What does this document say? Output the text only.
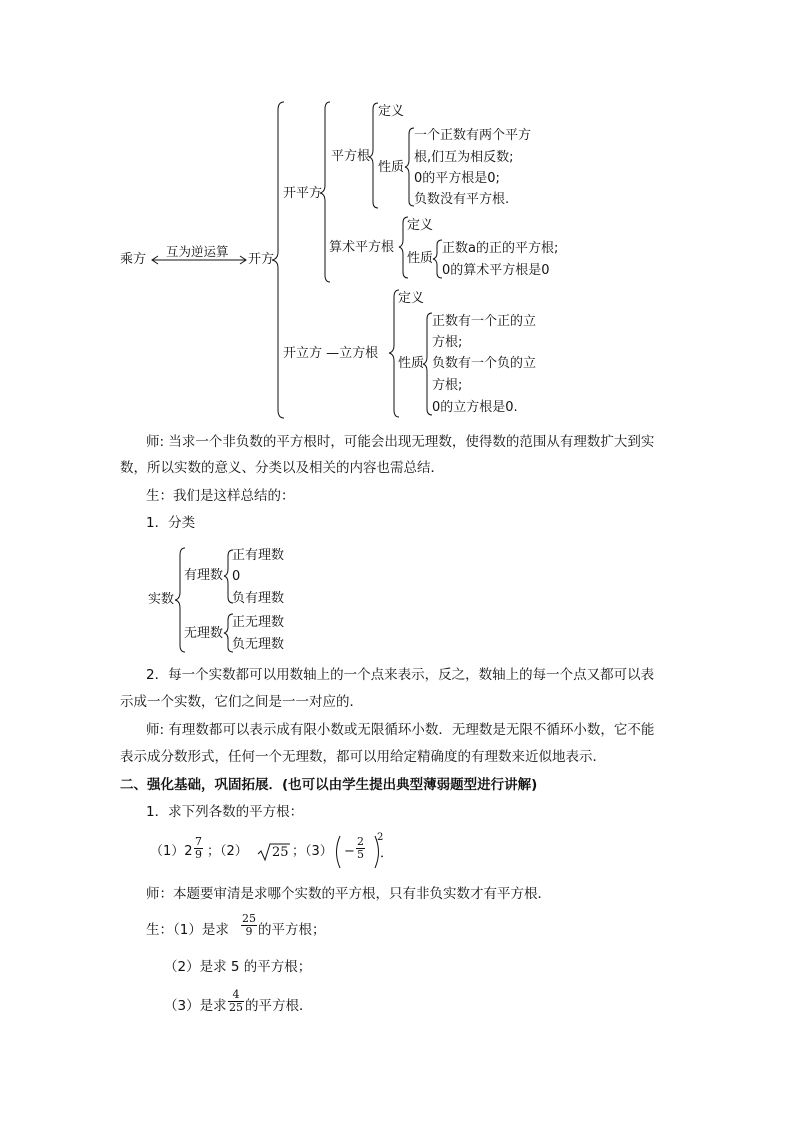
乘方
互为逆运算
开方
开平方
平方根
定义
性质
一个正数有两个平方
根,们互为相反数;
0的平方根是0;
负数没有平方根.
算术平方根
定义
性质
正数a的正的平方根;
0的算术平方根是0
开立方 —立方根
定义
性质
正数有一个正的立
方根;
负数有一个负的立
方根;
0的立方根是0.
师: 当求一个非负数的平方根时，可能会出现无理数，使得数的范围从有理数扩大到实
数，所以实数的意义、分类以及相关的内容也需总结．
生：我们是这样总结的：
1．分类
实数
有理数
正有理数
0
负有理数
无理数
正无理数
负无理数
2．每一个实数都可以用数轴上的一个点来表示，反之，数轴上的每一个点又都可以表
示成一个实数，它们之间是一一对应的．
师: 有理数都可以表示成有限小数或无限循环小数．无理数是无限不循环小数，它不能
表示成分数形式，任何一个无理数，都可以用给定精确度的有理数来近似地表示．
二、强化基础，巩固拓展．(也可以由学生提出典型薄弱题型进行讲解)
1．求下列各数的平方根：
$(1)2 \frac{7}{9}$ ；（2） 25 ；$(3) - \frac{2}{5} 2$
．
师：本题要审清是求哪个实数的平方根，只有非负实数才有平方根．
生：（1）是求 $\frac{25}{9}$ 的平方根；
（2）是求 5 的平方根；
（3）是求 $\frac{4}{25}$ 的平方根．
